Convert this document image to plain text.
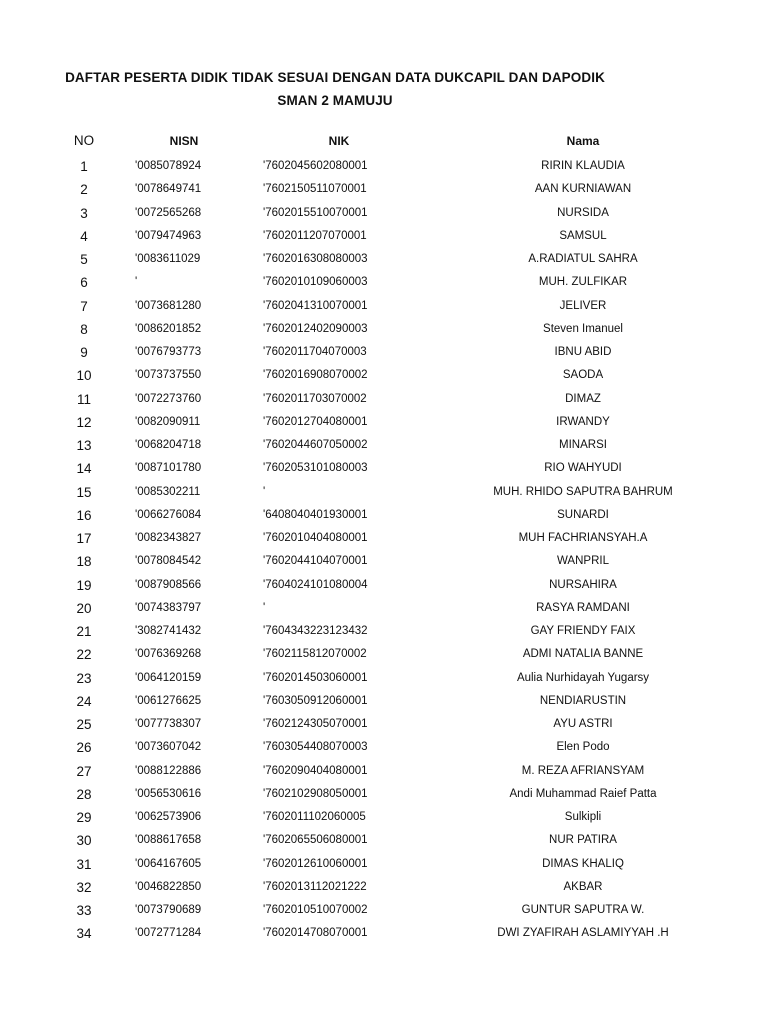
DAFTAR PESERTA DIDIK TIDAK SESUAI DENGAN DATA DUKCAPIL DAN DAPODIK
SMAN 2 MAMUJU
NO	NISN	NIK	Nama
1	'0085078924	'7602045602080001	RIRIN KLAUDIA
2	'0078649741	'7602150511070001	AAN KURNIAWAN
3	'0072565268	'7602015510070001	NURSIDA
4	'0079474963	'7602011207070001	SAMSUL
5	'0083611029	'7602016308080003	A.RADIATUL SAHRA
6	'	'7602010109060003	MUH. ZULFIKAR
7	'0073681280	'7602041310070001	JELIVER
8	'0086201852	'7602012402090003	Steven Imanuel
9	'0076793773	'7602011704070003	IBNU ABID
10	'0073737550	'7602016908070002	SAODA
11	'0072273760	'7602011703070002	DIMAZ
12	'0082090911	'7602012704080001	IRWANDY
13	'0068204718	'7602044607050002	MINARSI
14	'0087101780	'7602053101080003	RIO WAHYUDI
15	'0085302211	'	MUH. RHIDO SAPUTRA BAHRUM
16	'0066276084	'6408040401930001	SUNARDI
17	'0082343827	'7602010404080001	MUH FACHRIANSYAH.A
18	'0078084542	'7602044104070001	WANPRIL
19	'0087908566	'7604024101080004	NURSAHIRA
20	'0074383797	'	RASYA RAMDANI
21	'3082741432	'7604343223123432	GAY FRIENDY FAIX
22	'0076369268	'7602115812070002	ADMI NATALIA BANNE
23	'0064120159	'7602014503060001	Aulia Nurhidayah Yugarsy
24	'0061276625	'7603050912060001	NENDIARUSTIN
25	'0077738307	'7602124305070001	AYU ASTRI
26	'0073607042	'7603054408070003	Elen Podo
27	'0088122886	'7602090404080001	M. REZA AFRIANSYAM
28	'0056530616	'7602102908050001	Andi Muhammad Raief Patta
29	'0062573906	'7602011102060005	Sulkipli
30	'0088617658	'7602065506080001	NUR PATIRA
31	'0064167605	'7602012610060001	DIMAS KHALIQ
32	'0046822850	'7602013112021222	AKBAR
33	'0073790689	'7602010510070002	GUNTUR SAPUTRA W.
34	'0072771284	'7602014708070001	DWI ZYAFIRAH ASLAMIYYAH .H
